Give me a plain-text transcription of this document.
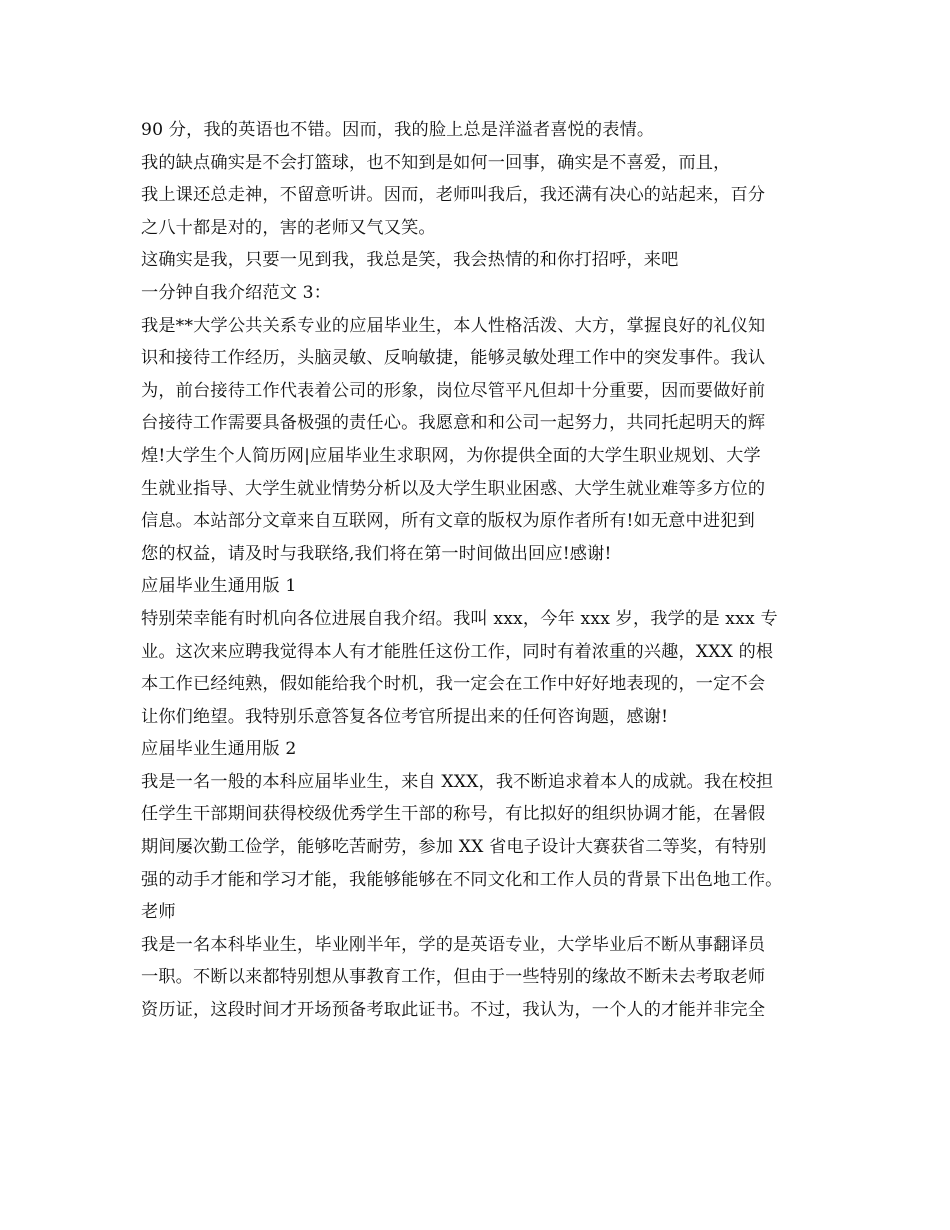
90 分，我的英语也不错。因而，我的脸上总是洋溢者喜悦的表情。
我的缺点确实是不会打篮球，也不知到是如何一回事，确实是不喜爱，而且，
我上课还总走神，不留意听讲。因而，老师叫我后，我还满有决心的站起来，百分
之八十都是对的，害的老师又气又笑。
这确实是我，只要一见到我，我总是笑，我会热情的和你打招呼，来吧
一分钟自我介绍范文 3：
我是**大学公共关系专业的应届毕业生，本人性格活泼、大方，掌握良好的礼仪知
识和接待工作经历，头脑灵敏、反响敏捷，能够灵敏处理工作中的突发事件。我认
为，前台接待工作代表着公司的形象，岗位尽管平凡但却十分重要，因而要做好前
台接待工作需要具备极强的责任心。我愿意和和公司一起努力，共同托起明天的辉
煌!大学生个人简历网|应届毕业生求职网，为你提供全面的大学生职业规划、大学
生就业指导、大学生就业情势分析以及大学生职业困惑、大学生就业难等多方位的
信息。本站部分文章来自互联网，所有文章的版权为原作者所有!如无意中进犯到
您的权益，请及时与我联络,我们将在第一时间做出回应!感谢!
应届毕业生通用版 1
特别荣幸能有时机向各位进展自我介绍。我叫 xxx，今年 xxx 岁，我学的是 xxx 专
业。这次来应聘我觉得本人有才能胜任这份工作，同时有着浓重的兴趣，XXX 的根
本工作已经纯熟，假如能给我个时机，我一定会在工作中好好地表现的，一定不会
让你们绝望。我特别乐意答复各位考官所提出来的任何咨询题，感谢!
应届毕业生通用版 2
我是一名一般的本科应届毕业生，来自 XXX，我不断追求着本人的成就。我在校担
任学生干部期间获得校级优秀学生干部的称号，有比拟好的组织协调才能，在暑假
期间屡次勤工俭学，能够吃苦耐劳，参加 XX 省电子设计大赛获省二等奖，有特别
强的动手才能和学习才能，我能够能够在不同文化和工作人员的背景下出色地工作。
老师
我是一名本科毕业生，毕业刚半年，学的是英语专业，大学毕业后不断从事翻译员
一职。不断以来都特别想从事教育工作，但由于一些特别的缘故不断未去考取老师
资历证，这段时间才开场预备考取此证书。不过，我认为，一个人的才能并非完全
